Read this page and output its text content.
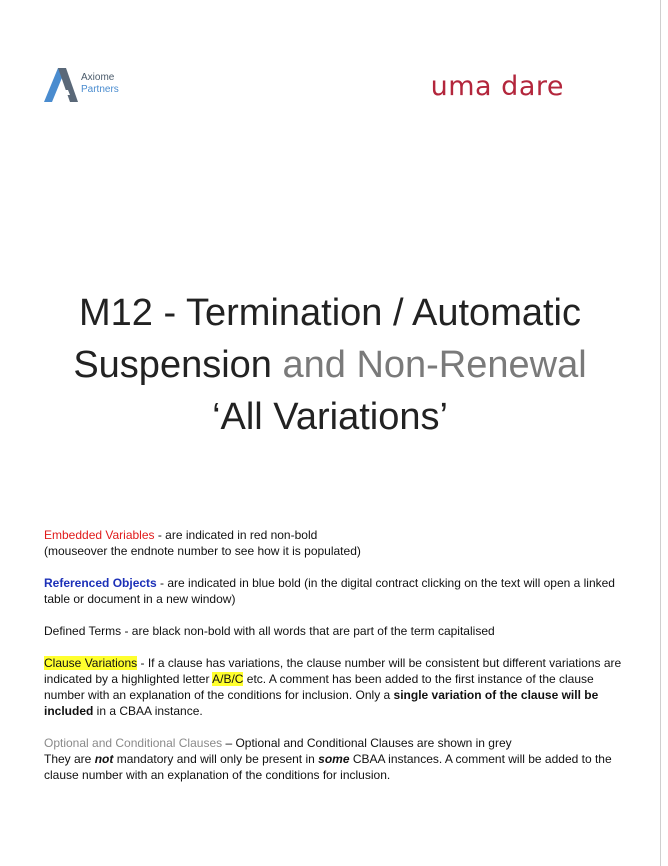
Axiome
Partners	uma dare
M12 - Termination / Automatic
Suspension and Non-Renewal
‘All Variations’

Embedded Variables - are indicated in red non-bold
(mouseover the endnote number to see how it is populated)

Referenced Objects - are indicated in blue bold (in the digital contract clicking on the text will open a linked table or document in a new window)

Defined Terms - are black non-bold with all words that are part of the term capitalised

Clause Variations - If a clause has variations, the clause number will be consistent but different variations are indicated by a highlighted letter A/B/C etc. A comment has been added to the first instance of the clause number with an explanation of the conditions for inclusion. Only a single variation of the clause will be included in a CBAA instance.

Optional and Conditional Clauses – Optional and Conditional Clauses are shown in grey
They are not mandatory and will only be present in some CBAA instances. A comment will be added to the clause number with an explanation of the conditions for inclusion.
